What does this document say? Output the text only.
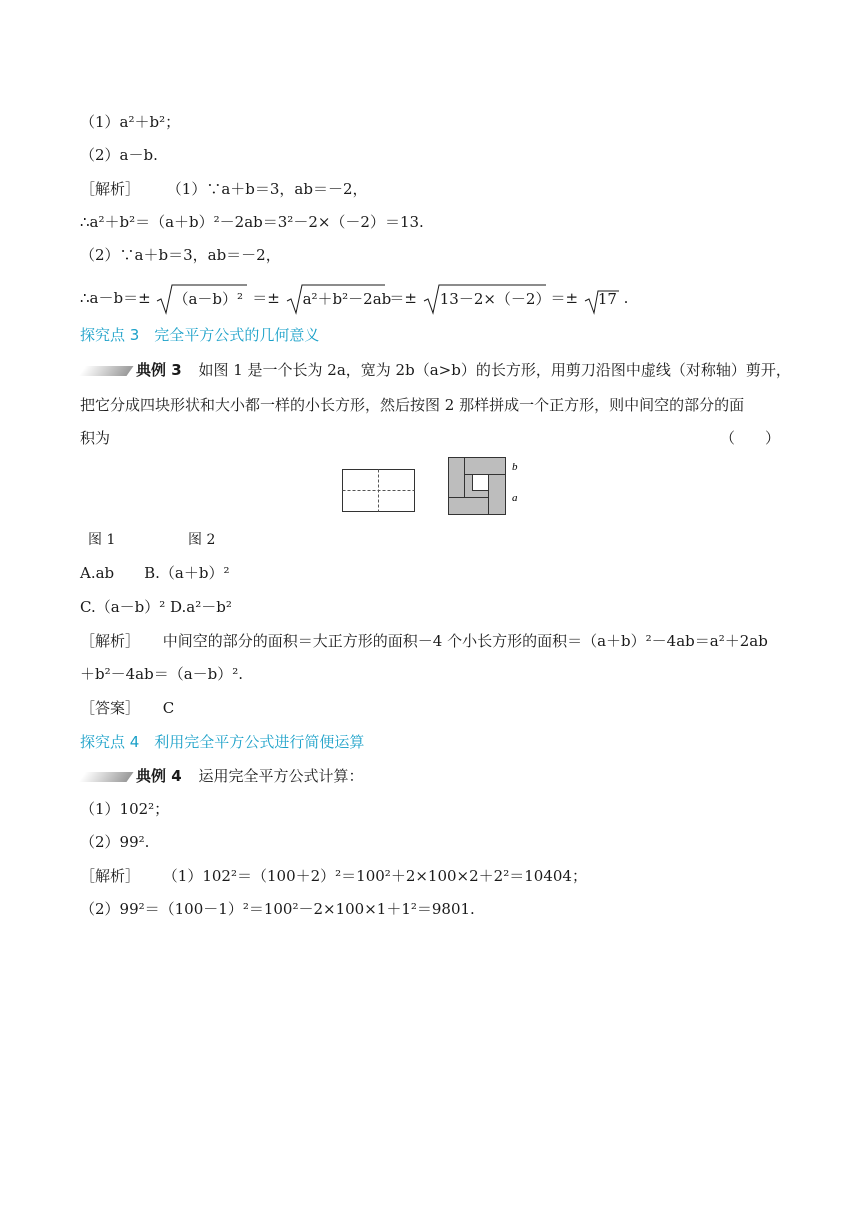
（1）a²＋b²；
（2）a－b.
［解析］ （1）∵a＋b＝3，ab＝－2，
∴a²＋b²＝（a＋b）²－2ab＝3²－2×（－2）＝13.
（2）∵a＋b＝3，ab＝－2，
∴a－b＝± （a－b）² ＝± a²＋b²－2ab ＝± 13－2×（－2） ＝± 17 .
探究点 3　完全平方公式的几何意义
典例 3 如图 1 是一个长为 2a，宽为 2b（a>b）的长方形，用剪刀沿图中虚线（对称轴）剪开，
把它分成四块形状和大小都一样的小长方形，然后按图 2 那样拼成一个正方形，则中间空的部分的面
积为	（　　）
b
a
图 1	图 2
A.ab　　B.（a＋b）²
C.（a－b）² D.a²－b²
［解析］ 中间空的部分的面积＝大正方形的面积－4 个小长方形的面积＝（a＋b）²－4ab＝a²＋2ab
＋b²－4ab＝（a－b）².
［答案］ C
探究点 4　利用完全平方公式进行简便运算
典例 4 运用完全平方公式计算：
（1）102²；
（2）99².
［解析］ （1）102²＝（100＋2）²＝100²＋2×100×2＋2²＝10404；
（2）99²＝（100－1）²＝100²－2×100×1＋1²＝9801.
